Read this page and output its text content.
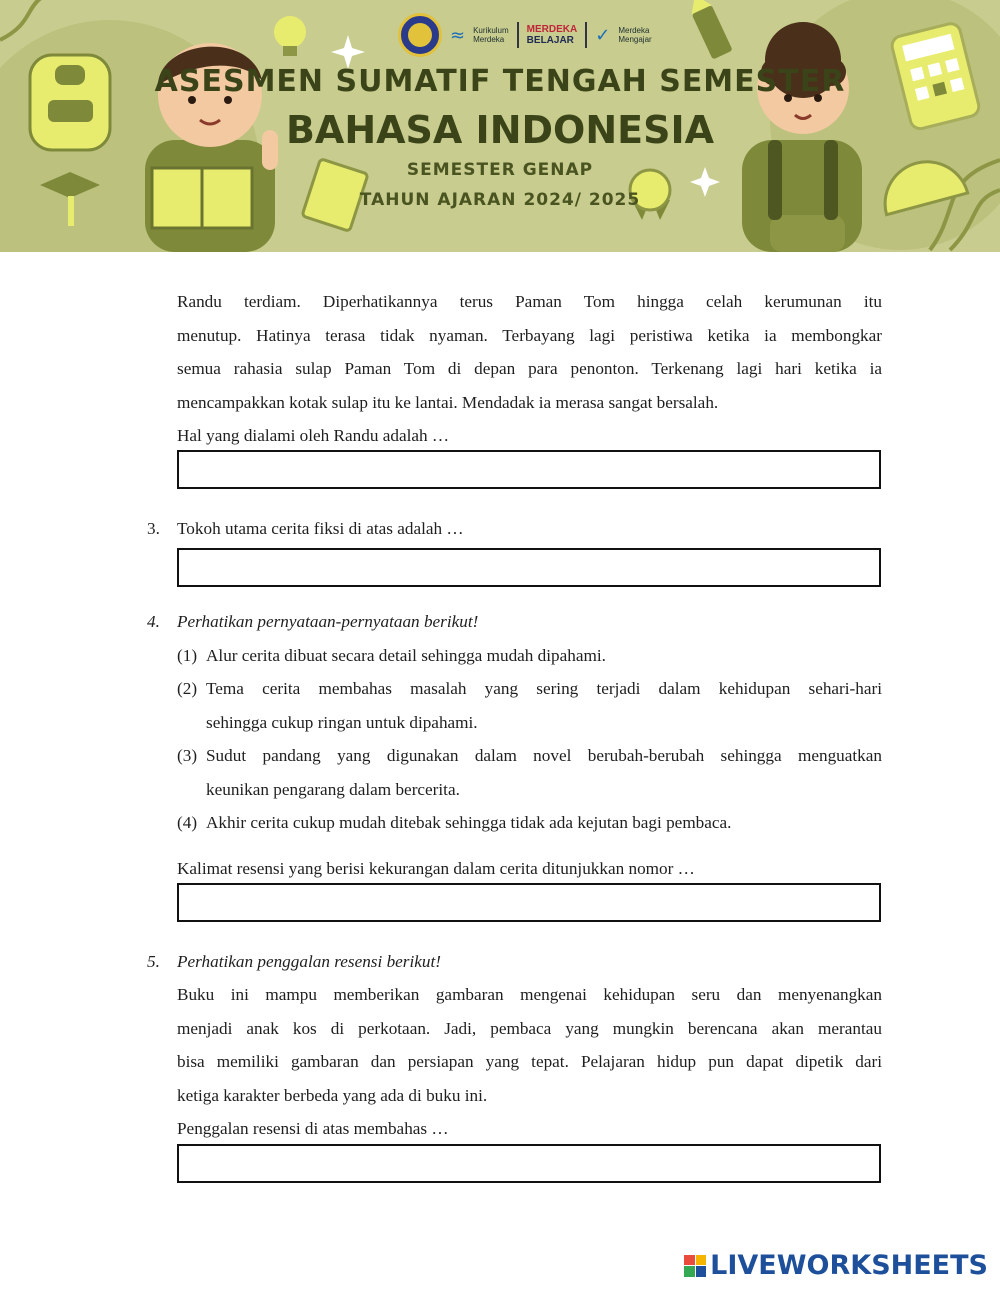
≈ Kurikulum
Merdeka
MERDEKA
BELAJAR ✓ Merdeka
Mengajar
ASESMEN SUMATIF TENGAH SEMESTER
BAHASA INDONESIA
SEMESTER GENAP
TAHUN AJARAN 2024/ 2025
Randu terdiam. Diperhatikannya terus Paman Tom hingga celah kerumunan itu
menutup. Hatinya terasa tidak nyaman. Terbayang lagi peristiwa ketika ia membongkar
semua rahasia sulap Paman Tom di depan para penonton. Terkenang lagi hari ketika ia
mencampakkan kotak sulap itu ke lantai. Mendadak ia merasa sangat bersalah.
Hal yang dialami oleh Randu adalah …
3. Tokoh utama cerita fiksi di atas adalah …
4. Perhatikan pernyataan-pernyataan berikut!
(1) Alur cerita dibuat secara detail sehingga mudah dipahami.
(2) Tema cerita membahas masalah yang sering terjadi dalam kehidupan sehari-hari
sehingga cukup ringan untuk dipahami.
(3) Sudut pandang yang digunakan dalam novel berubah-berubah sehingga menguatkan
keunikan pengarang dalam bercerita.
(4) Akhir cerita cukup mudah ditebak sehingga tidak ada kejutan bagi pembaca.
Kalimat resensi yang berisi kekurangan dalam cerita ditunjukkan nomor …
5. Perhatikan penggalan resensi berikut!
Buku ini mampu memberikan gambaran mengenai kehidupan seru dan menyenangkan
menjadi anak kos di perkotaan. Jadi, pembaca yang mungkin berencana akan merantau
bisa memiliki gambaran dan persiapan yang tepat. Pelajaran hidup pun dapat dipetik dari
ketiga karakter berbeda yang ada di buku ini.
Penggalan resensi di atas membahas …
LIVEWORKSHEETS
